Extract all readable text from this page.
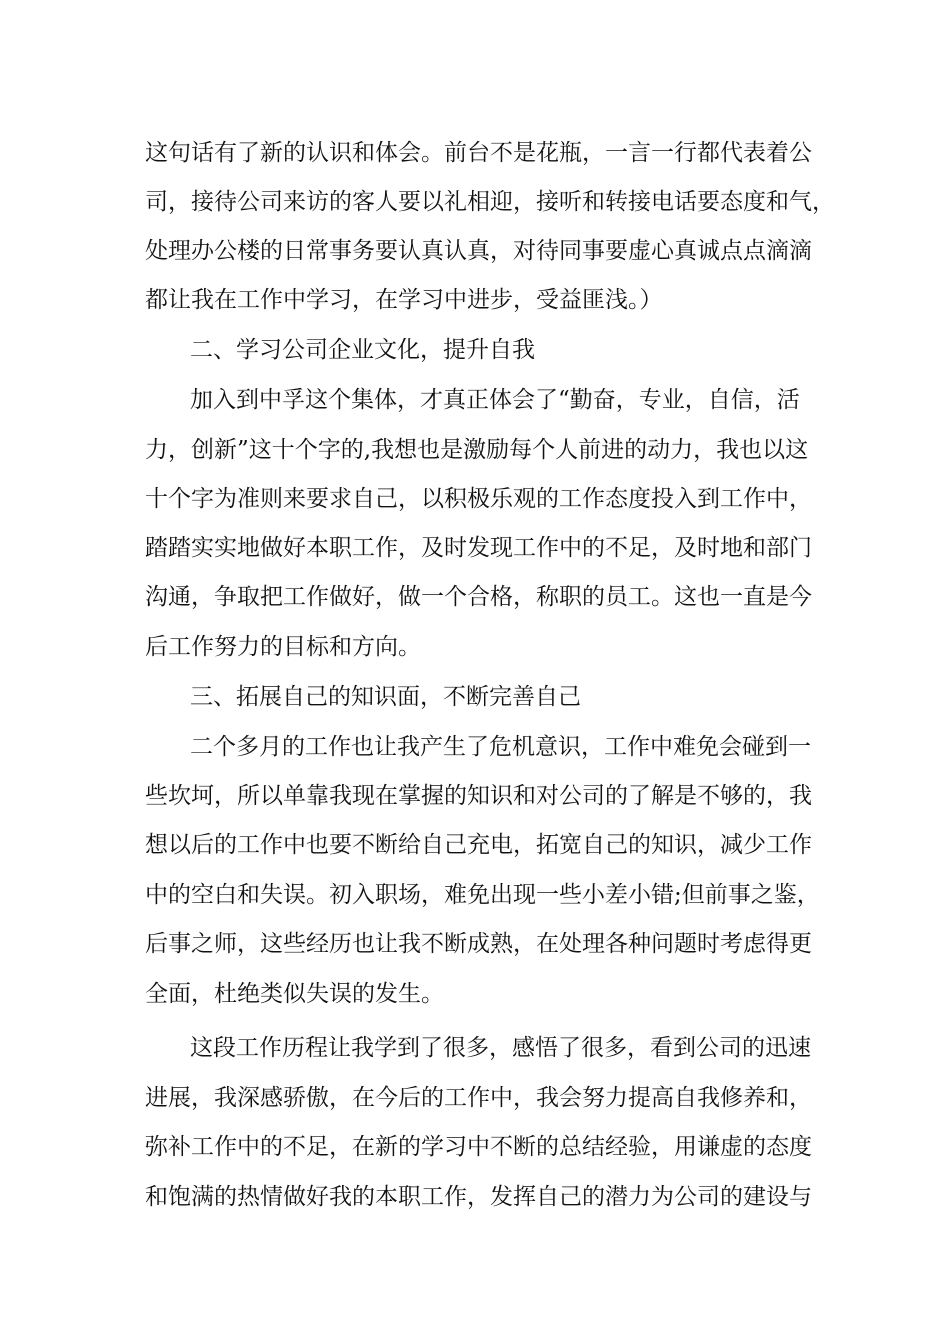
这句话有了新的认识和体会。前台不是花瓶，一言一行都代表着公
司，接待公司来访的客人要以礼相迎，接听和转接电话要态度和气，
处理办公楼的日常事务要认真认真，对待同事要虚心真诚点点滴滴
都让我在工作中学习，在学习中进步，受益匪浅。）
二、学习公司企业文化，提升自我
加入到中孚这个集体，才真正体会了“勤奋，专业，自信，活
力，创新”这十个字的,我想也是激励每个人前进的动力，我也以这
十个字为准则来要求自己，以积极乐观的工作态度投入到工作中，
踏踏实实地做好本职工作，及时发现工作中的不足，及时地和部门
沟通，争取把工作做好，做一个合格，称职的员工。这也一直是今
后工作努力的目标和方向。
三、拓展自己的知识面，不断完善自己
二个多月的工作也让我产生了危机意识，工作中难免会碰到一
些坎坷，所以单靠我现在掌握的知识和对公司的了解是不够的，我
想以后的工作中也要不断给自己充电，拓宽自己的知识，减少工作
中的空白和失误。初入职场，难免出现一些小差小错;但前事之鉴，
后事之师，这些经历也让我不断成熟，在处理各种问题时考虑得更
全面，杜绝类似失误的发生。
这段工作历程让我学到了很多，感悟了很多，看到公司的迅速
进展，我深感骄傲，在今后的工作中，我会努力提高自我修养和，
弥补工作中的不足，在新的学习中不断的总结经验，用谦虚的态度
和饱满的热情做好我的本职工作，发挥自己的潜力为公司的建设与
